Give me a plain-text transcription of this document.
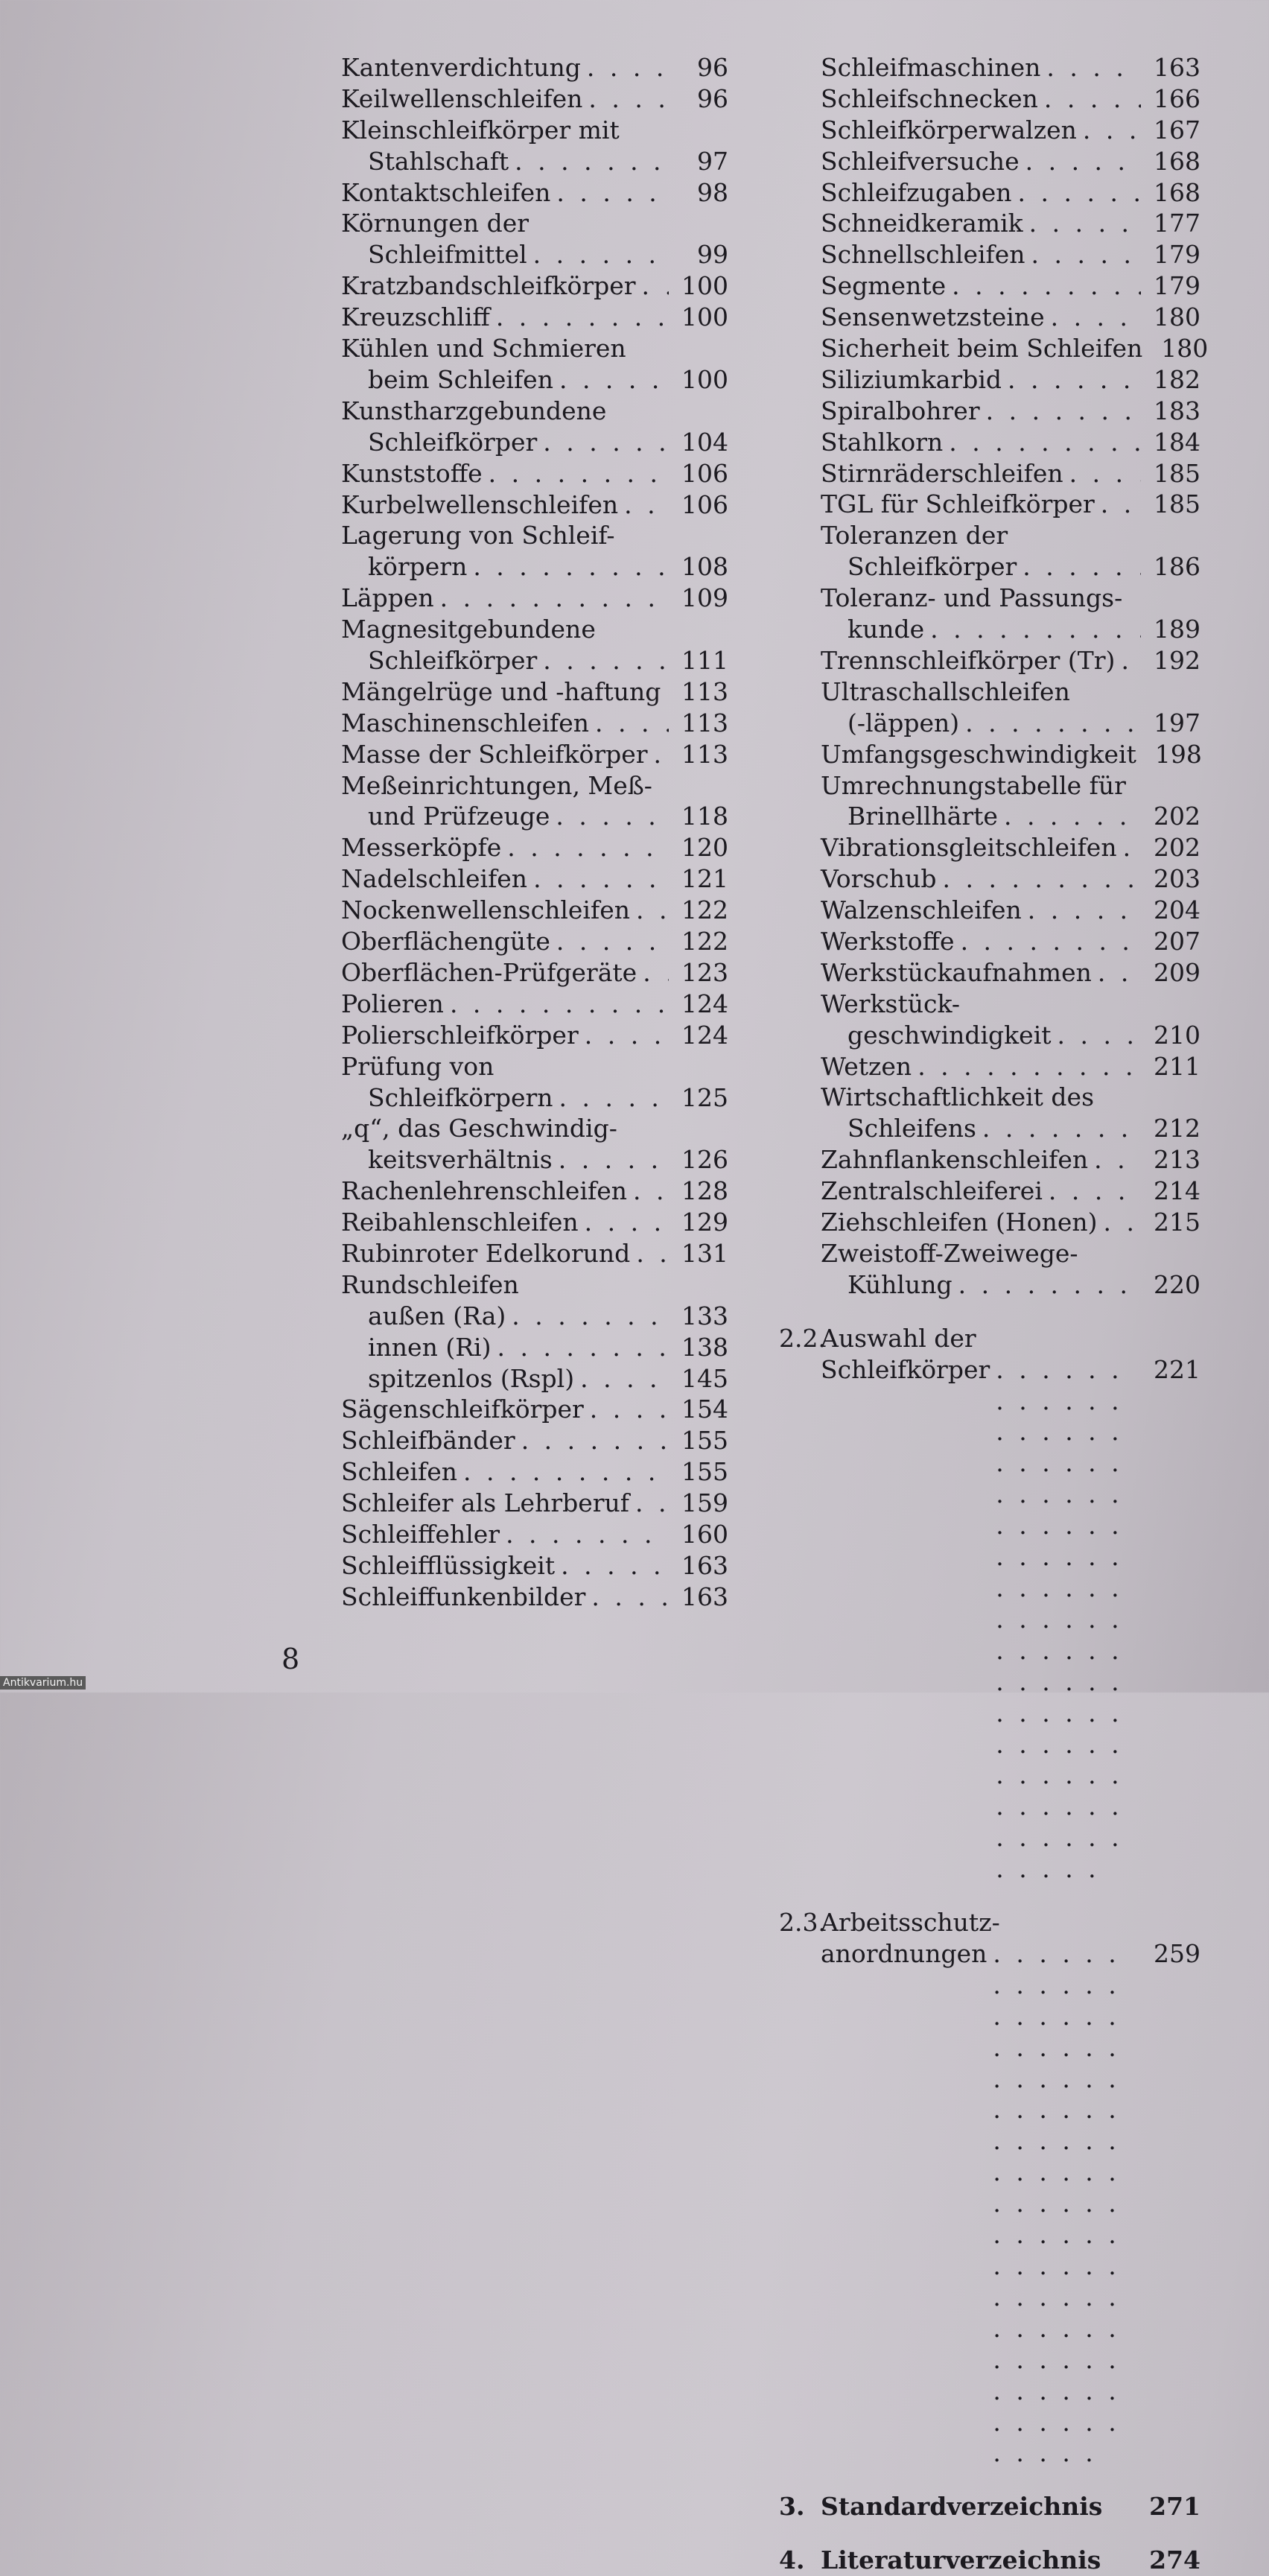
Kantenverdichtung . . .	96
Keilwellenschleifen . . .	96
Kleinschleifkörper mit
Stahlschaft . . .	97
Kontaktschleifen . . .	98
Körnungen der
Schleifmittel . . .	99
Kratzbandschleifkörper . . . 100
Kreuzschliff . . .	100
Kühlen und Schmieren
beim Schleifen . . .	100
Kunstharzgebundene
Schleifkörper . . .	104
Kunststoffe . . .	106
Kurbelwellenschleifen . . .	106
Lagerung von Schleif-
körpern . . .	108
Läppen . . .	109
Magnesitgebundene
Schleifkörper . . .	111
Mängelrüge und -haftung . . . 113
Maschinenschleifen . . .	113
Masse der Schleifkörper . . . 113
Meßeinrichtungen, Meß-
und Prüfzeuge . . .	118
Messerköpfe . . .	120
Nadelschleifen . . .	121
Nockenwellenschleifen . . . 122
Oberflächengüte . . .	122
Oberflächen-Prüfgeräte . . . 123
Polieren . . .	124
Polierschleifkörper . . .	124
Prüfung von
Schleifkörpern . . .	125
„q“, das Geschwindig-
keitsverhältnis . . .	126
Rachenlehrenschleifen . . . 128
Reibahlenschleifen . . .	129
Rubinroter Edelkorund . . . 131
Rundschleifen
außen (Ra) . . .	133
innen (Ri) . . .	138
spitzenlos (Rspl) . . .	145
Sägenschleifkörper . . .	154
Schleifbänder . . .	155
Schleifen . . .	155
Schleifer als Lehrberuf . . . 159
Schleiffehler . . .	160
Schleifflüssigkeit . . .	163
Schleiffunkenbilder . . .	163
Schleifmaschinen . . .	163
Schleifschnecken . . .	166
Schleifkörperwalzen . . .	167
Schleifversuche . . .	168
Schleifzugaben . . .	168
Schneidkeramik . . .	177
Schnellschleifen . . .	179
Segmente . . .	179
Sensenwetzsteine . . .	180
Sicherheit beim Schleifen 180
Siliziumkarbid . . .	182
Spiralbohrer . . .	183
Stahlkorn . . .	184
Stirnräderschleifen . . .	185
TGL für Schleifkörper . . . 185
Toleranzen der
Schleifkörper . . .	186
Toleranz- und Passungs-
kunde . . .	189
Trennschleifkörper (Tr) . . . 192
Ultraschallschleifen
(-läppen) . . .	197
Umfangsgeschwindigkeit 198
Umrechnungstabelle für
Brinellhärte . . .	202
Vibrationsgleitschleifen . . . 202
Vorschub . . .	203
Walzenschleifen . . .	204
Werkstoffe . . .	207
Werkstückaufnahmen . . .	209
Werkstück-
geschwindigkeit . . .	210
Wetzen . . .	211
Wirtschaftlichkeit des
Schleifens . . .	212
Zahnflankenschleifen . . .	213
Zentralschleiferei . . .	214
Ziehschleifen (Honen) . . . 215
Zweistoff-Zweiwege-
Kühlung . . .	220
2.2.
Auswahl der
Schleifkörper . . .	221
2.3.
Arbeitsschutz-
anordnungen . . .	259
3. Standardverzeichnis 271
4. Literaturverzeichnis 274
8
Antikvarium.hu
